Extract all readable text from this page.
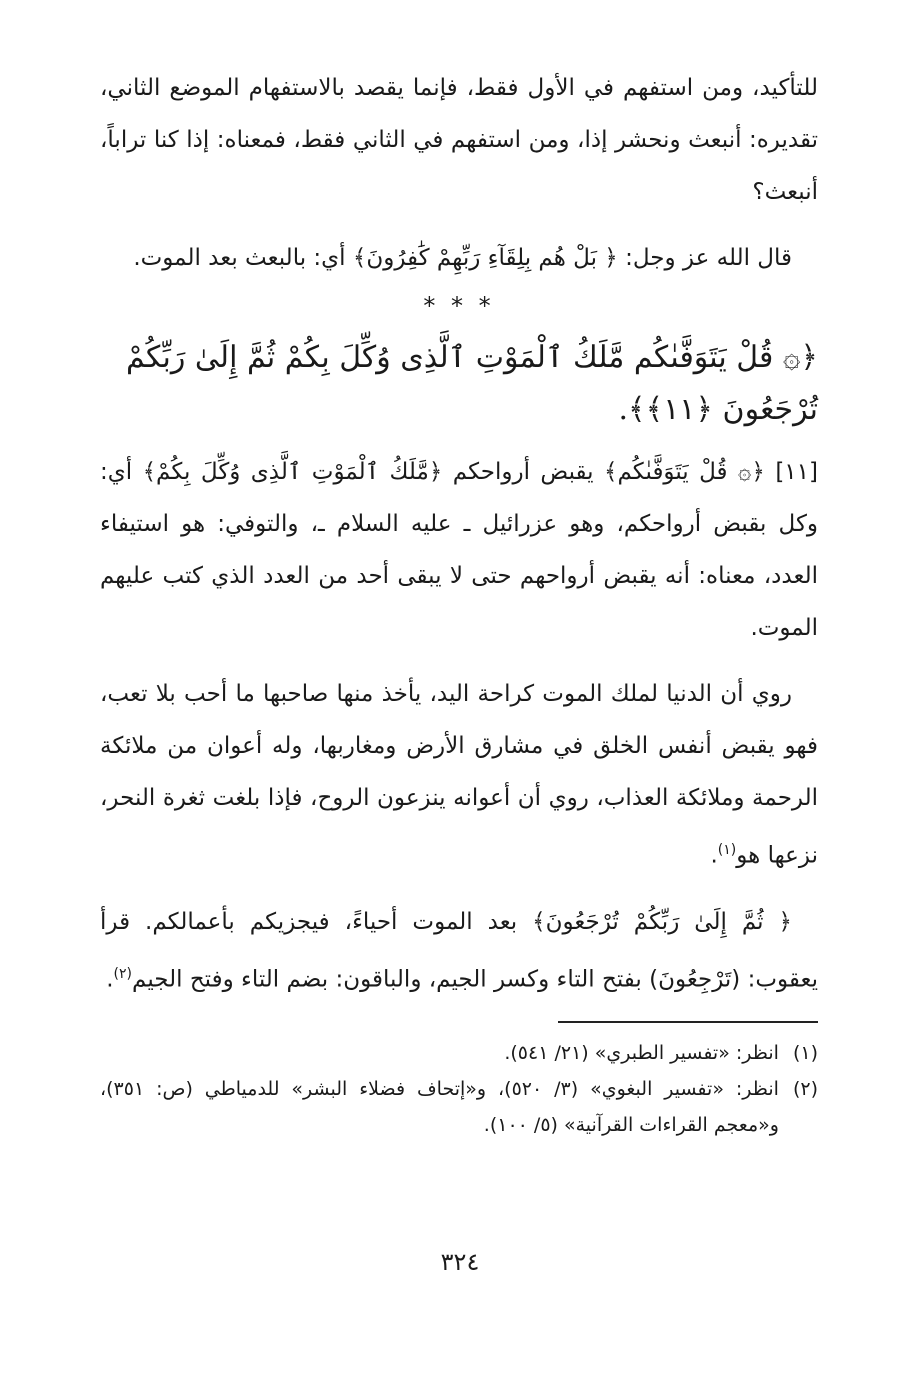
للتأكيد، ومن استفهم في الأول فقط، فإنما يقصد بالاستفهام الموضع الثاني، تقديره: أنبعث ونحشر إذا، ومن استفهم في الثاني فقط، فمعناه: إذا كنا تراباً، أنبعث؟

قال الله عز وجل: ﴿ بَلْ هُم بِلِقَآءِ رَبِّهِمْ كَٰفِرُونَ﴾ أي: بالبعث بعد الموت.

* * *

﴿۞ قُلْ يَتَوَفَّىٰكُم مَّلَكُ ٱلْمَوْتِ ٱلَّذِى وُكِّلَ بِكُمْ ثُمَّ إِلَىٰ رَبِّكُمْ تُرْجَعُونَ ﴿١١﴾﴾.

[١١] ﴿۞ قُلْ يَتَوَفَّىٰكُم﴾ يقبض أرواحكم ﴿مَّلَكُ ٱلْمَوْتِ ٱلَّذِى وُكِّلَ بِكُمْ﴾ أي: وكل بقبض أرواحكم، وهو عزرائيل ـ عليه السلام ـ، والتوفي: هو استيفاء العدد، معناه: أنه يقبض أرواحهم حتى لا يبقى أحد من العدد الذي كتب عليهم الموت.

روي أن الدنيا لملك الموت كراحة اليد، يأخذ منها صاحبها ما أحب بلا تعب، فهو يقبض أنفس الخلق في مشارق الأرض ومغاربها، وله أعوان من ملائكة الرحمة وملائكة العذاب، روي أن أعوانه ينزعون الروح، فإذا بلغت ثغرة النحر، نزعها هو$^{(١)}$.

﴿ ثُمَّ إِلَىٰ رَبِّكُمْ تُرْجَعُونَ﴾ بعد الموت أحياءً، فيجزيكم بأعمالكم. قرأ يعقوب: (تَرْجِعُونَ) بفتح التاء وكسر الجيم، والباقون: بضم التاء وفتح الجيم$^{(٢)}$.

(١)
انظر: «تفسير الطبري» (٢١/ ٥٤١).
(٢)
انظر: «تفسير البغوي» (٣/ ٥٢٠)، و«إتحاف فضلاء البشر» للدمياطي (ص: ٣٥١)، و«معجم القراءات القرآنية» (٥/ ١٠٠).
٣٢٤
